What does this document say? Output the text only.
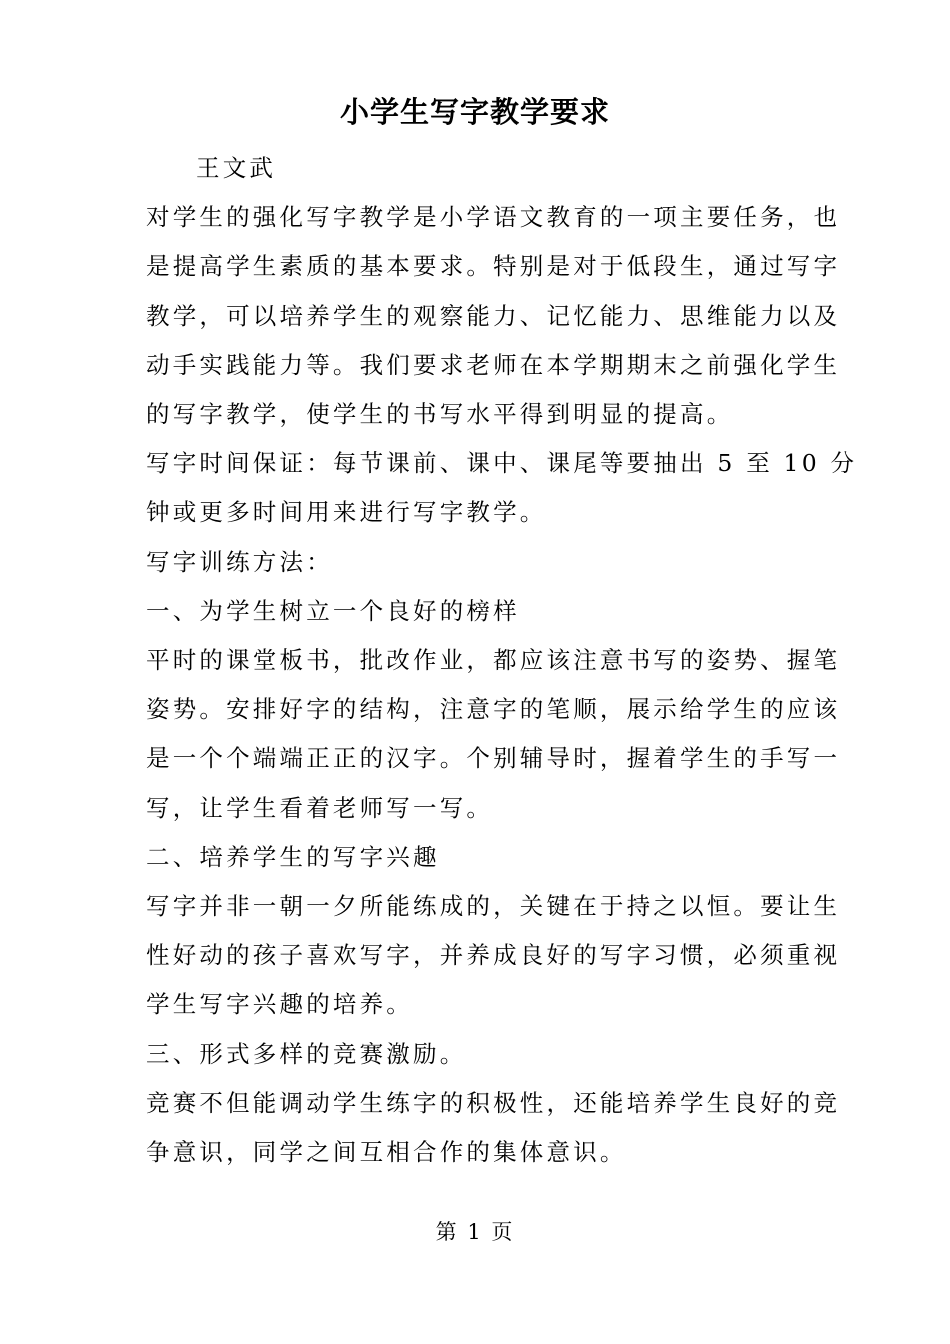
小学生写字教学要求

王文武

对学生的强化写字教学是小学语文教育的一项主要任务，也

是提高学生素质的基本要求。特别是对于低段生，通过写字

教学，可以培养学生的观察能力、记忆能力、思维能力以及

动手实践能力等。我们要求老师在本学期期末之前强化学生

的写字教学，使学生的书写水平得到明显的提高。

写字时间保证：每节课前、课中、课尾等要抽出 5 至 10 分

钟或更多时间用来进行写字教学。

写字训练方法：

一、为学生树立一个良好的榜样

平时的课堂板书，批改作业，都应该注意书写的姿势、握笔

姿势。安排好字的结构，注意字的笔顺，展示给学生的应该

是一个个端端正正的汉字。个别辅导时，握着学生的手写一

写，让学生看着老师写一写。

二、培养学生的写字兴趣

写字并非一朝一夕所能练成的，关键在于持之以恒。要让生

性好动的孩子喜欢写字，并养成良好的写字习惯，必须重视

学生写字兴趣的培养。

三、形式多样的竞赛激励。

竞赛不但能调动学生练字的积极性，还能培养学生良好的竞

争意识，同学之间互相合作的集体意识。

第 1 页
